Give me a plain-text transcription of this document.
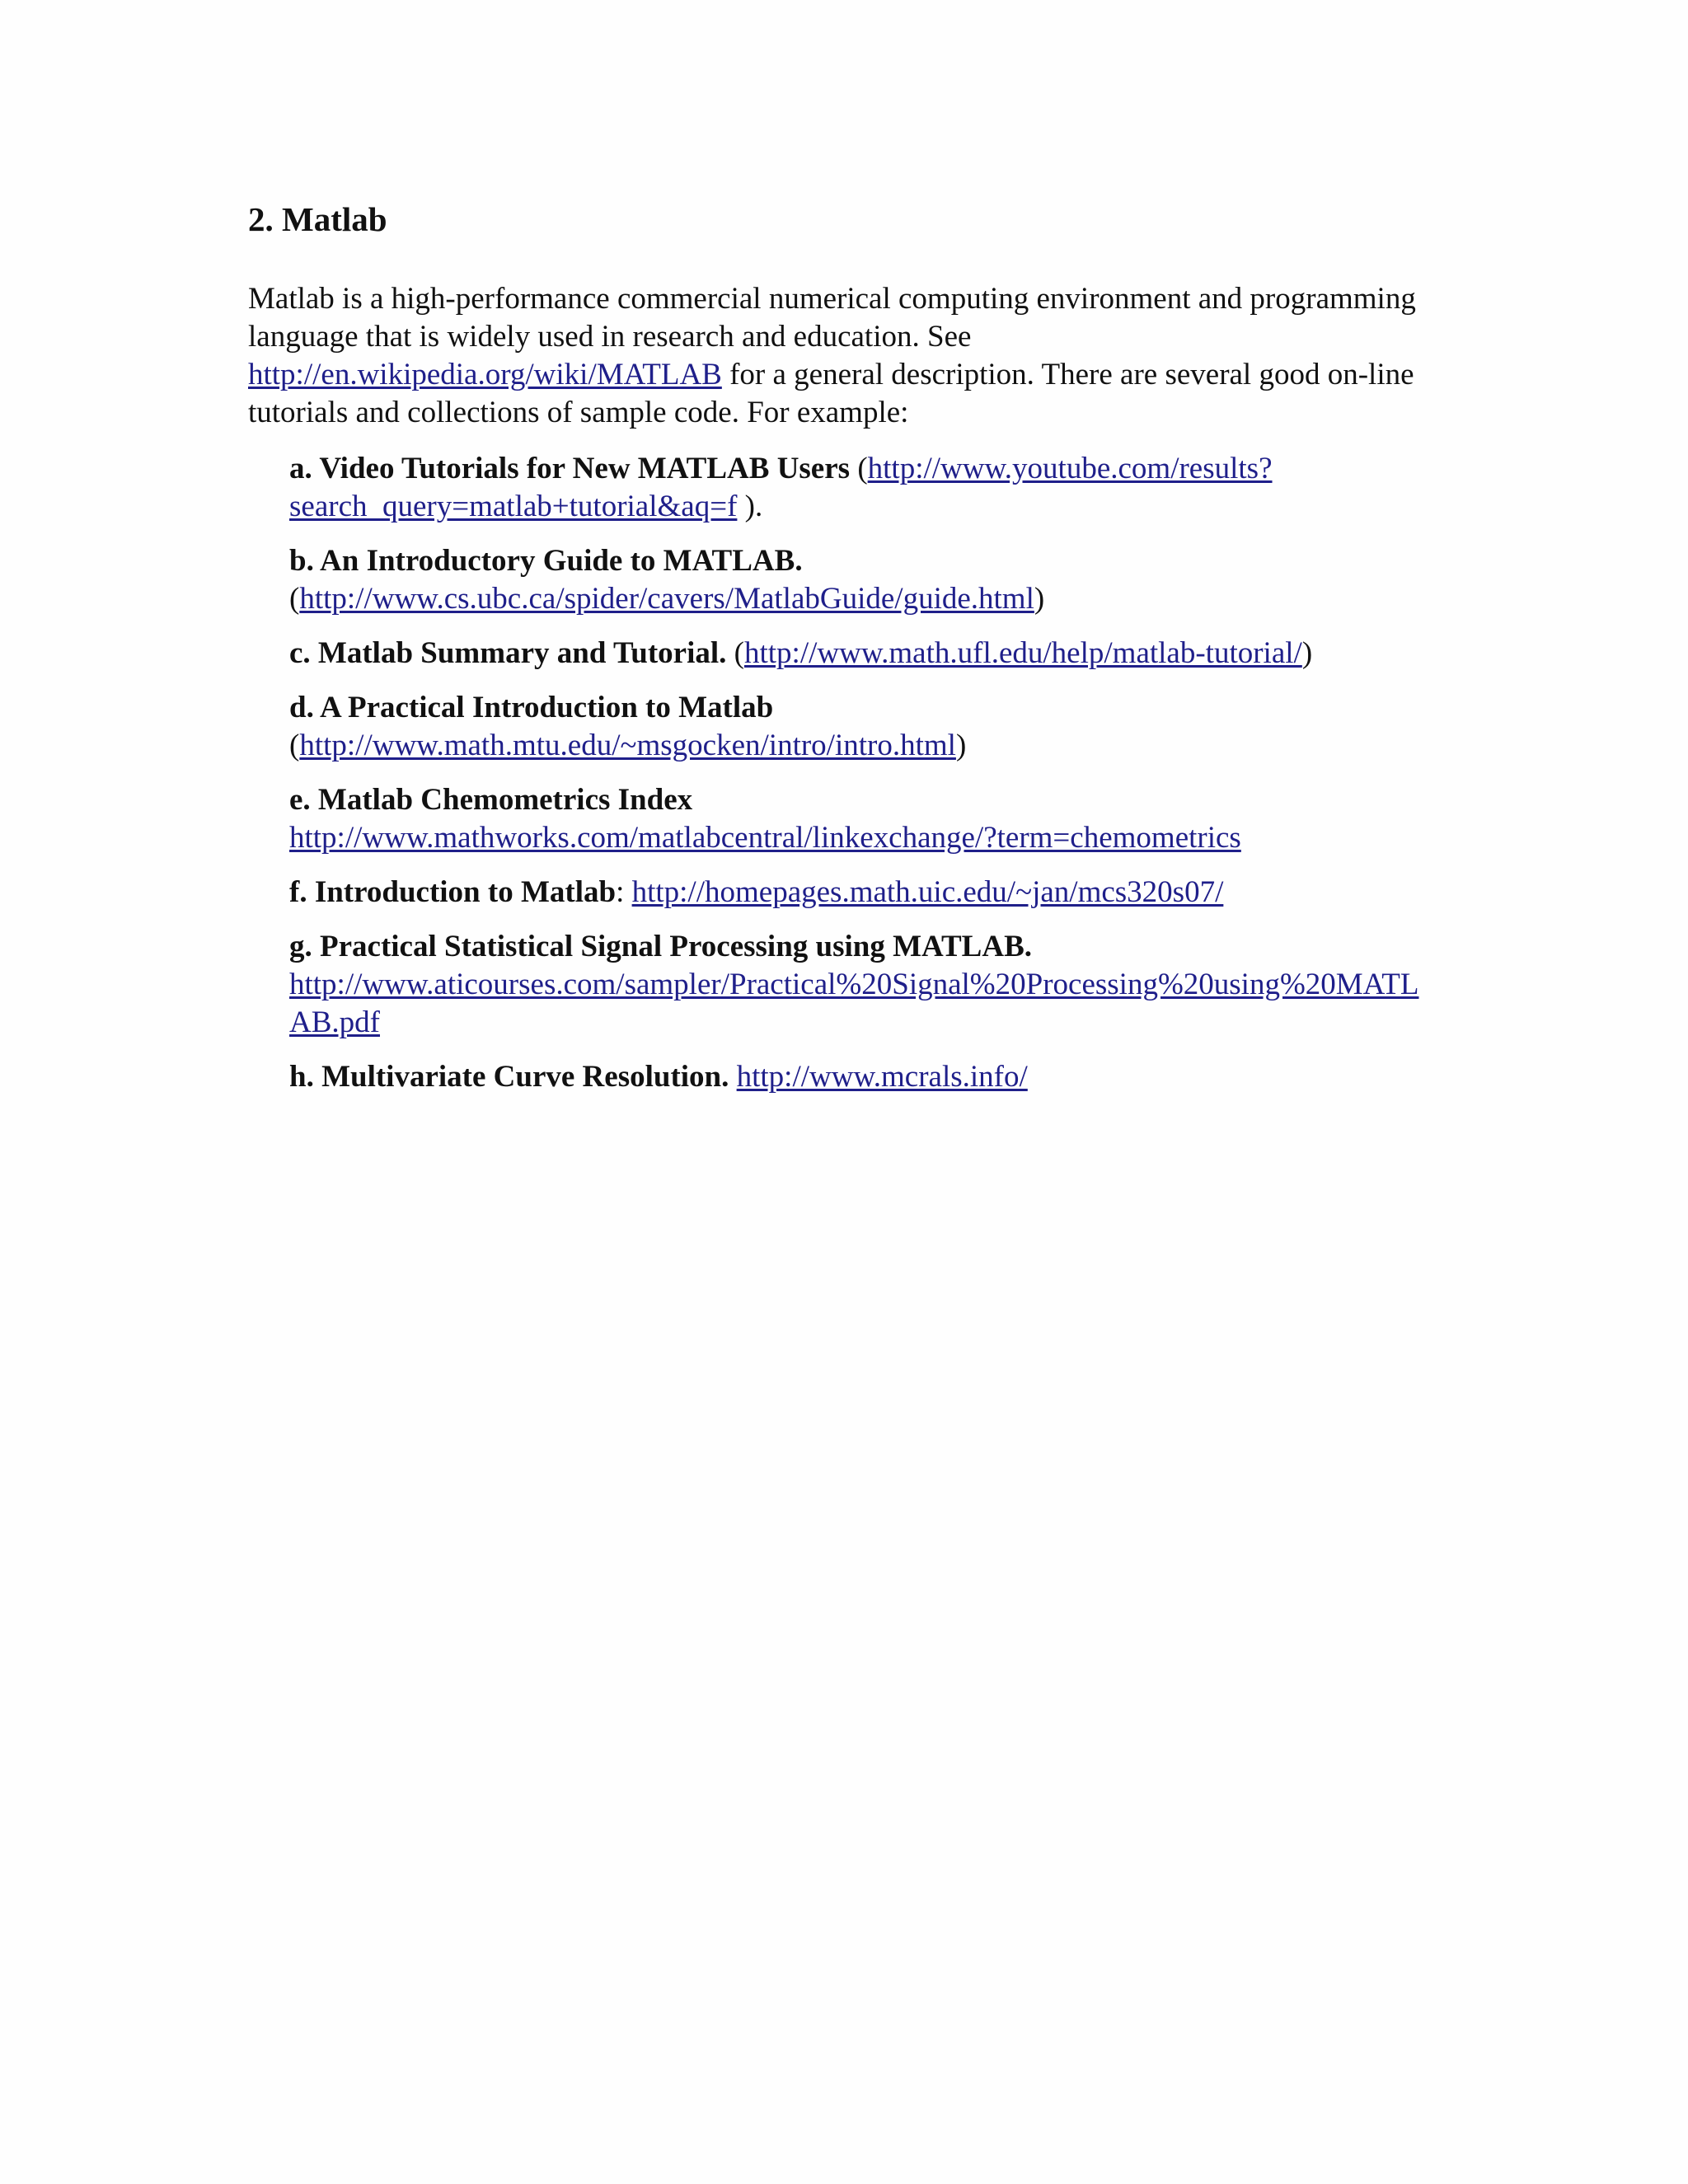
2. Matlab

Matlab is a high-performance commercial numerical computing environment and programming language that is widely used in research and education. See
http://en.wikipedia.org/wiki/MATLAB for a general description. There are several good on-line tutorials and collections of sample code. For example:

a. Video Tutorials for New MATLAB Users (http://www.youtube.com/results?search_query=matlab+tutorial&aq=f ).
b. An Introductory Guide to MATLAB.
(http://www.cs.ubc.ca/spider/cavers/MatlabGuide/guide.html)
c. Matlab Summary and Tutorial. (http://www.math.ufl.edu/help/matlab-tutorial/)
d. A Practical Introduction to Matlab
(http://www.math.mtu.edu/~msgocken/intro/intro.html)
e. Matlab Chemometrics Index
http://www.mathworks.com/matlabcentral/linkexchange/?term=chemometrics
f. Introduction to Matlab: http://homepages.math.uic.edu/~jan/mcs320s07/
g. Practical Statistical Signal Processing using MATLAB.
http://www.aticourses.com/sampler/Practical%20Signal%20Processing%20using%20MATLAB.pdf
h. Multivariate Curve Resolution. http://www.mcrals.info/
